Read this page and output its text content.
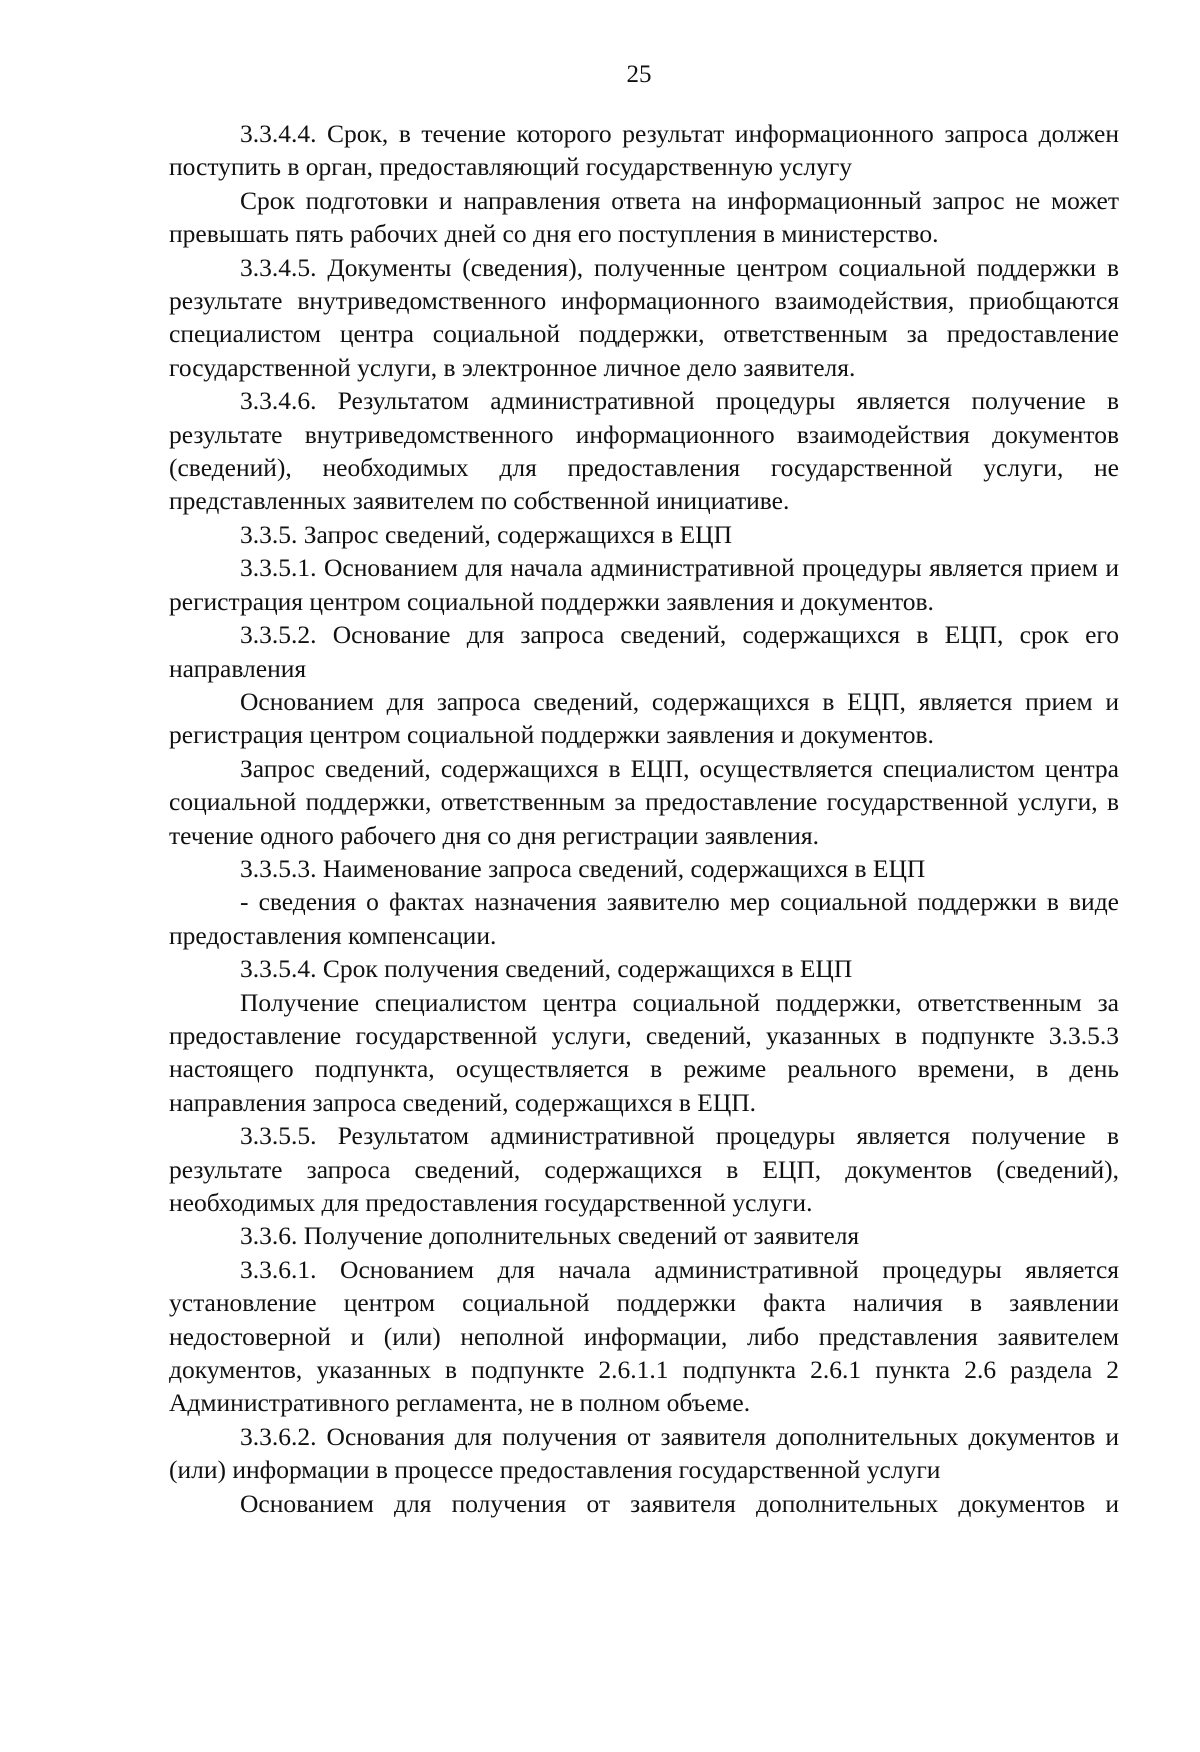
25

3.3.4.4. Срок, в течение которого результат информационного запроса должен поступить в орган, предоставляющий государственную услугу

Срок подготовки и направления ответа на информационный запрос не может превышать пять рабочих дней со дня его поступления в министерство.

3.3.4.5. Документы (сведения), полученные центром социальной поддержки в результате внутриведомственного информационного взаимодействия, приобщаются специалистом центра социальной поддержки, ответственным за предоставление государственной услуги, в электронное личное дело заявителя.

3.3.4.6. Результатом административной процедуры является получение в результате внутриведомственного информационного взаимодействия документов (сведений), необходимых для предоставления государственной услуги, не представленных заявителем по собственной инициативе.

3.3.5. Запрос сведений, содержащихся в ЕЦП

3.3.5.1. Основанием для начала административной процедуры является прием и регистрация центром социальной поддержки заявления и документов.

3.3.5.2. Основание для запроса сведений, содержащихся в ЕЦП, срок его направления

Основанием для запроса сведений, содержащихся в ЕЦП, является прием и регистрация центром социальной поддержки заявления и документов.

Запрос сведений, содержащихся в ЕЦП, осуществляется специалистом центра социальной поддержки, ответственным за предоставление государственной услуги, в течение одного рабочего дня со дня регистрации заявления.

3.3.5.3. Наименование запроса сведений, содержащихся в ЕЦП

- сведения о фактах назначения заявителю мер социальной поддержки в виде предоставления компенсации.

3.3.5.4. Срок получения сведений, содержащихся в ЕЦП

Получение специалистом центра социальной поддержки, ответственным за предоставление государственной услуги, сведений, указанных в подпункте 3.3.5.3 настоящего подпункта, осуществляется в режиме реального времени, в день направления запроса сведений, содержащихся в ЕЦП.

3.3.5.5. Результатом административной процедуры является получение в результате запроса сведений, содержащихся в ЕЦП, документов (сведений), необходимых для предоставления государственной услуги.

3.3.6. Получение дополнительных сведений от заявителя

3.3.6.1. Основанием для начала административной процедуры является установление центром социальной поддержки факта наличия в заявлении недостоверной и (или) неполной информации, либо представления заявителем документов, указанных в подпункте 2.6.1.1 подпункта 2.6.1 пункта 2.6 раздела 2 Административного регламента, не в полном объеме.

3.3.6.2. Основания для получения от заявителя дополнительных документов и (или) информации в процессе предоставления государственной услуги

Основанием для получения от заявителя дополнительных документов и
